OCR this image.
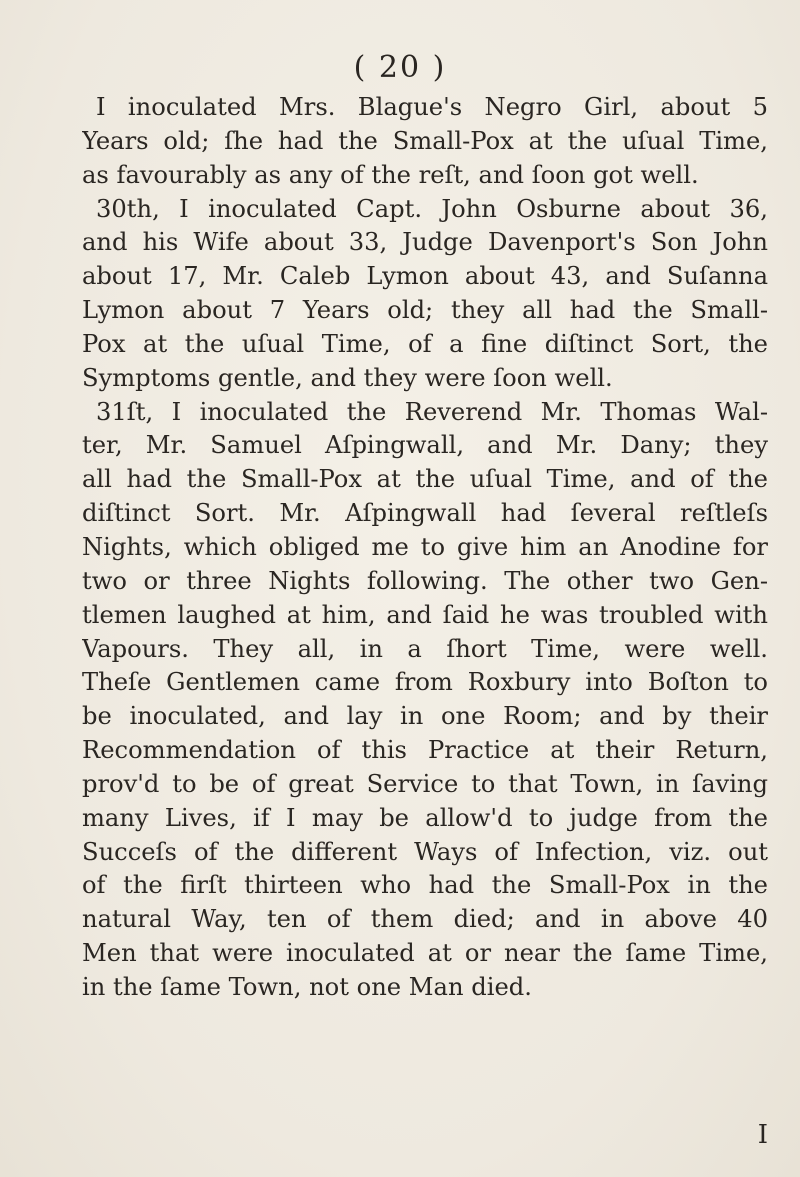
( 20 )
I inoculated Mrs. Blague's Negro Girl, about 5
Years old; ſhe had the Small-Pox at the uſual Time,
as favourably as any of the reſt, and ſoon got well.
30th, I inoculated Capt. John Osburne about 36,
and his Wife about 33, Judge Davenport's Son John
about 17, Mr. Caleb Lymon about 43, and Suſanna
Lymon about 7 Years old; they all had the Small-
Pox at the uſual Time, of a fine diſtinct Sort, the
Symptoms gentle, and they were ſoon well.
31ſt, I inoculated the Reverend Mr. Thomas Wal-
ter, Mr. Samuel Aſpingwall, and Mr. Dany; they
all had the Small-Pox at the uſual Time, and of the
diſtinct Sort. Mr. Aſpingwall had ſeveral reſtleſs
Nights, which obliged me to give him an Anodine for
two or three Nights following. The other two Gen-
tlemen laughed at him, and ſaid he was troubled with
Vapours. They all, in a ſhort Time, were well.
Theſe Gentlemen came from Roxbury into Boſton to
be inoculated, and lay in one Room; and by their
Recommendation of this Practice at their Return,
prov'd to be of great Service to that Town, in ſaving
many Lives, if I may be allow'd to judge from the
Succeſs of the different Ways of Infection, viz. out
of the firſt thirteen who had the Small-Pox in the
natural Way, ten of them died; and in above 40
Men that were inoculated at or near the ſame Time,
in the ſame Town, not one Man died.
I
